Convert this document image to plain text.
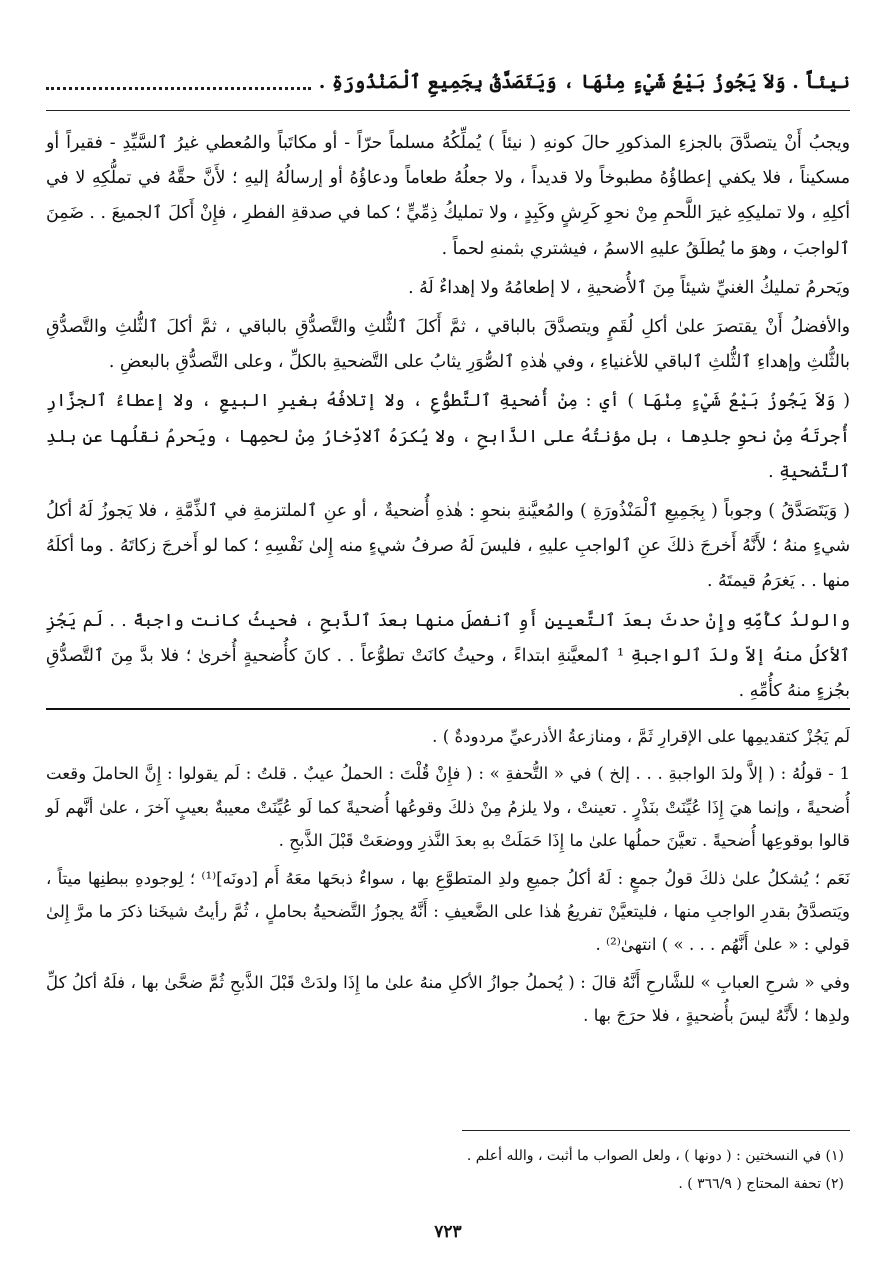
نيئاً . وَلاَ يَجُوزُ بَيْعُ شَيْءٍ مِنْهَا ، وَيَتَصَدَّقُ بِجَمِيعِ ٱلْمَنْذُورَةِ .

ويجبُ أَنْ يتصدَّقَ بالجزءِ المذكورِ حالَ كونهِ ( نيئاً ) يُملِّكُهُ مسلماً حرّاً - أو مكاتَباً والمُعطي غيرُ ٱلسَّيِّدِ - فقيراً أو مسكيناً ، فلا يكفي إعطاؤُهُ مطبوخاً ولا قديداً ، ولا جعلُهُ طعاماً ودعاؤُهُ أو إرسالُهُ إليهِ ؛ لأَنَّ حقَّهُ في تملُّكِهِ لا في أكلِهِ ، ولا تمليكِهِ غيرَ اللَّحمِ مِنْ نحوِ كَرِشٍ وكَبِدٍ ، ولا تمليكُ ذِمِّيٍّ ؛ كما في صدقةِ الفطرِ ، فإِنْ أَكلَ ٱلجميعَ . . ضَمِنَ ٱلواجبَ ، وهوَ ما يُطلَقُ عليهِ الاسمُ ، فيشتري بثمنهِ لحماً .

ويَحرمُ تمليكُ الغنيِّ شيئاً مِنَ ٱلأُضحيةِ ، لا إطعامُهُ ولا إهداءٌ لَهُ .

والأفضلُ أَنْ يقتصرَ علىٰ أكلِ لُقَمٍ ويتصدَّقَ بالباقي ، ثمَّ أَكلَ ٱلثُّلثِ والتَّصدُّقِ بالباقي ، ثمَّ أكلَ ٱلثُّلثِ والتَّصدُّقِ بالثُّلثِ وإهداءِ ٱلثُّلثِ ٱلباقي للأغنياءِ ، وفي هٰذهِ ٱلصُّوَرِ يثابُ على التَّضحيةِ بالكلِّ ، وعلى التَّصدُّقِ بالبعضِ .

( وَلاَ يَجُوزُ بَيْعُ شَيْءٍ مِنْهَا ) أي : مِنْ أُضحيةِ ٱلتَّطوُّعِ ، ولا إتلافُهُ بغيرِ البيعِ ، ولا إعطاءُ ٱلجزَّارِ أُجرتَهُ مِنْ نحوِ جلدِها ، بل مؤنتُهُ على الذَّابحِ ، ولا يُكرَهُ ٱلادِّخارُ مِنْ لحمِها ، ويَحرمُ نقلُها عن بلدِ ٱلتَّضحيةِ .

( وَيَتَصَدَّقُ ) وجوباً ( بِجَمِيعِ ٱلْمَنْذُورَةِ ) والمُعيَّنةِ بنحوِ : هٰذهِ أُضحيةٌ ، أو عنِ ٱلملتزمةِ في ٱلذِّمَّةِ ، فلا يَجوزُ لَهُ أكلُ شيءٍ منهُ ؛ لأَنَّهُ أَخرجَ ذلكَ عنِ ٱلواجبِ عليهِ ، فليسَ لَهُ صرفُ شيءٍ منه إِلىٰ نَفْسِهِ ؛ كما لو أَخرجَ زكاتَهُ . وما أكلَهُ منها . . يَغرَمُ قيمتَهُ .

والولدُ كأُمِّهِ وإِنْ حدثَ بعدَ ٱلتَّعيينِ أَوِ ٱنفصلَ منها بعدَ ٱلذَّبحِ ، فحيثُ كانت واجبةً . . لَم يَجُزِ ٱلأكلُ منهُ إلاّ ولدَ ٱلواجبةِ ¹ ٱلمعيَّنةِ ابتداءً ، وحيثُ كانَتْ تطوُّعاً . . كانَ كأُضحيةٍ أُخرىٰ ؛ فلا بدَّ مِنَ ٱلتَّصدُّقِ بجُزءٍ منهُ كأُمِّهِ .

لَم يَجُزْ كتقديمِها على الإقرارِ ثَمَّ ، ومنازعةُ الأذرعيِّ مردودةٌ ) .

1 - قولُهُ : ( إلاَّ ولدَ الواجبةِ . . . إلخ ) في « التُّحفةِ » : ( فإِنْ قُلْتَ : الحملُ عيبٌ . قلتُ : لَم يقولوا : إِنَّ الحاملَ وقعت أُضحيةً ، وإنما هيَ إِذَا عُيِّنَتْ بنَذْرٍ . تعينتْ ، ولا يلزمُ مِنْ ذلكَ وقوعُها أُضحيةً كما لَو عُيِّنَتْ معيبةٌ بعيبٍ آخرَ ، علىٰ أنَّهم لَو قالوا بوقوعِها أُضحيةً . تعيَّنَ حملُها علىٰ ما إِذَا حَمَلَتْ بهِ بعدَ النَّذرِ ووضعَتْ قَبْلَ الذَّبحِ .

نَعَم ؛ يُشكلُ علىٰ ذلكَ قولُ جمعٍ : لَهُ أكلُ جميعِ ولدِ المتطوَّعِ بها ، سواءٌ ذبحَها معَهُ أَم [دونَه]⁽¹⁾ ؛ لِوجودهِ ببطنِها ميتاً ، ويَتصدَّقُ بقدرِ الواجبِ منها ، فليتعيَّنْ تفريعُ هٰذا على الضَّعيفِ : أَنَّهُ يجوزُ التَّضحيةُ بحاملٍ ، ثُمَّ رأيتُ شيخَنا ذكرَ ما مرَّ إِلىٰ قولي : « علىٰ أَنَّهُم . . . » ) انتهىٰ⁽²⁾ .

وفي « شرحِ العبابِ » للشَّارحِ أَنَّهُ قالَ : ( يُحملُ جوازُ الأكلِ منهُ علىٰ ما إِذَا ولدَتْ قَبْلَ الذَّبحِ ثُمَّ ضحَّىٰ بها ، فلَهُ أكلُ كلِّ ولدِها ؛ لأَنَّهُ ليسَ بأُضحيةٍ ، فلا حرَجَ بها .

(١) في النسختين : ( دونها ) ، ولعل الصواب ما أثبت ، والله أعلم .
(٢) تحفة المحتاج ( ٣٦٦/٩ ) .
٧٢٣
